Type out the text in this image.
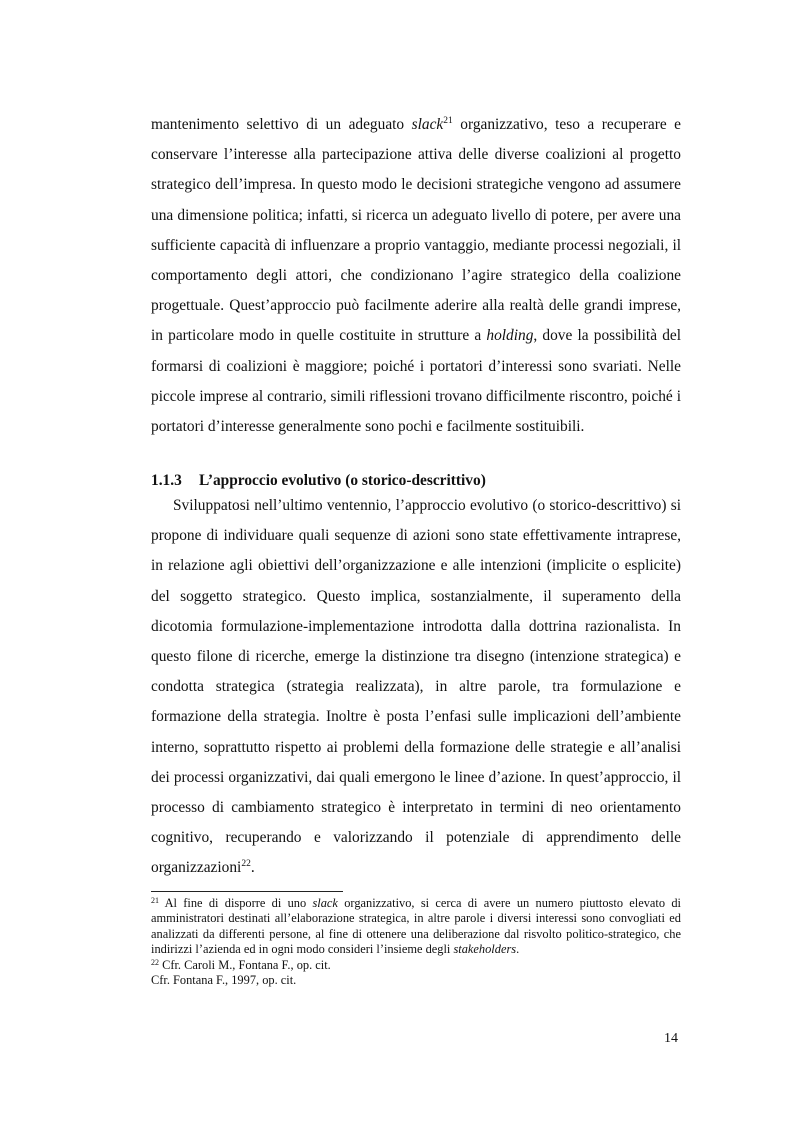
mantenimento selettivo di un adeguato slack$^{21}$ organizzativo, teso a recuperare e conservare l’interesse alla partecipazione attiva delle diverse coalizioni al progetto strategico dell’impresa. In questo modo le decisioni strategiche vengono ad assumere una dimensione politica; infatti, si ricerca un adeguato livello di potere, per avere una sufficiente capacità di influenzare a proprio vantaggio, mediante processi negoziali, il comportamento degli attori, che condizionano l’agire strategico della coalizione progettuale. Quest’approccio può facilmente aderire alla realtà delle grandi imprese, in particolare modo in quelle costituite in strutture a holding, dove la possibilità del formarsi di coalizioni è maggiore; poiché i portatori d’interessi sono svariati. Nelle piccole imprese al contrario, simili riflessioni trovano difficilmente riscontro, poiché i portatori d’interesse generalmente sono pochi e facilmente sostituibili.

1.1.3 L’approccio evolutivo (o storico-descrittivo)

Sviluppatosi nell’ultimo ventennio, l’approccio evolutivo (o storico-descrittivo) si propone di individuare quali sequenze di azioni sono state effettivamente intraprese, in relazione agli obiettivi dell’organizzazione e alle intenzioni (implicite o esplicite) del soggetto strategico. Questo implica, sostanzialmente, il superamento della dicotomia formulazione-implementazione introdotta dalla dottrina razionalista. In questo filone di ricerche, emerge la distinzione tra disegno (intenzione strategica) e condotta strategica (strategia realizzata), in altre parole, tra formulazione e formazione della strategia. Inoltre è posta l’enfasi sulle implicazioni dell’ambiente interno, soprattutto rispetto ai problemi della formazione delle strategie e all’analisi dei processi organizzativi, dai quali emergono le linee d’azione. In quest’approccio, il processo di cambiamento strategico è interpretato in termini di neo orientamento cognitivo, recuperando e valorizzando il potenziale di apprendimento delle organizzazioni$^{22}$.

$^{21}$ Al fine di disporre di uno slack organizzativo, si cerca di avere un numero piuttosto elevato di amministratori destinati all’elaborazione strategica, in altre parole i diversi interessi sono convogliati ed analizzati da differenti persone, al fine di ottenere una deliberazione dal risvolto politico-strategico, che indirizzi l’azienda ed in ogni modo consideri l’insieme degli stakeholders.

$^{22}$ Cfr. Caroli M., Fontana F., op. cit.

Cfr. Fontana F., 1997, op. cit.

14
